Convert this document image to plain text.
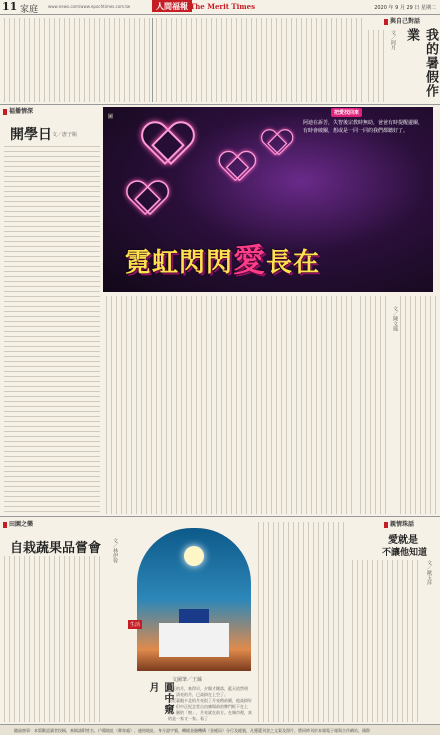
11 家庭 www.news.com/www.epochtimes.com.tw	人間福報 The Merit Times	2020 年 9 月 29 日 星期二
與自己對話
我的暑假作業
文／阿月
福播情深
開學日 文／唐子瓶
圖
把愛找回來
阿迪在訴苦，失智後宗教時無助，爸爸有時提醒邊關，有時會破關，想或是一同一同的我們都聽好了。
霓虹閃閃愛長在
文／陳文鳳
田園之樂
自栽蔬果品嘗會 文／林伊蓉
生活
文圖筆／王絲
圓中窺月	秋天的月，來得早，夕陽才剛落，藍天依然明亮，清亮的月，已高掛在上空了。
最近裏眼卡北的月亮很了月亮稍前圓，他高掛好地，但中正紀念堂自由廣場前的牌門框下在上看，圓的「窗」，月亮就在前方。在城市裡，真的是一家又一家。看了

親情珠話
愛就是
不讓他知道
文／歐玉萍
隨福齋事：本版歡迎讀者投稿，來稿請附姓名、戶籍地址（郵寄處）、連絡地址、身分證字號、轉帳金融機構（金帳局）分行及帳號，凡獲選刊登之文案及照片，將同時刊於本報電子報與合作網站、國際
